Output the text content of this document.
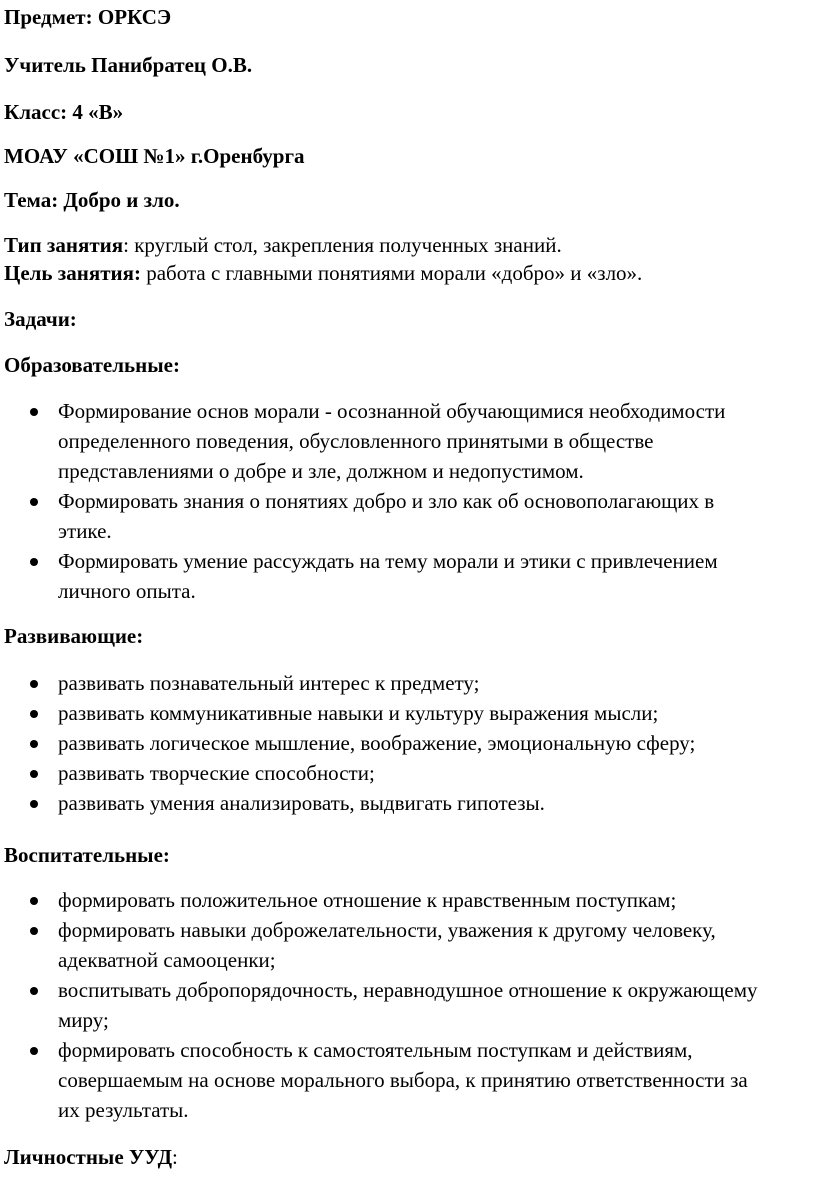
Предмет: ОРКСЭ
Учитель Панибратец О.В.
Класс: 4 «В»
МОАУ «СОШ №1» г.Оренбурга
Тема: Добро и зло.
Тип занятия: круглый стол, закрепления полученных знаний.
Цель занятия: работа с главными понятиями морали «добро» и «зло».
Задачи:
Образовательные:
Формирование основ морали - осознанной обучающимися необходимости
определенного поведения, обусловленного принятыми в обществе
представлениями о добре и зле, должном и недопустимом.
Формировать знания о понятиях добро и зло как об основополагающих в
этике.
Формировать умение рассуждать на тему морали и этики с привлечением
личного опыта.
Развивающие:
развивать познавательный интерес к предмету;
развивать коммуникативные навыки и культуру выражения мысли;
развивать логическое мышление, воображение, эмоциональную сферу;
развивать творческие способности;
развивать умения анализировать, выдвигать гипотезы.
Воспитательные:
формировать положительное отношение к нравственным поступкам;
формировать навыки доброжелательности, уважения к другому человеку,
адекватной самооценки;
воспитывать добропорядочность, неравнодушное отношение к окружающему
миру;
формировать способность к самостоятельным поступкам и действиям,
совершаемым на основе морального выбора, к принятию ответственности за
их результаты.
Личностные УУД:
